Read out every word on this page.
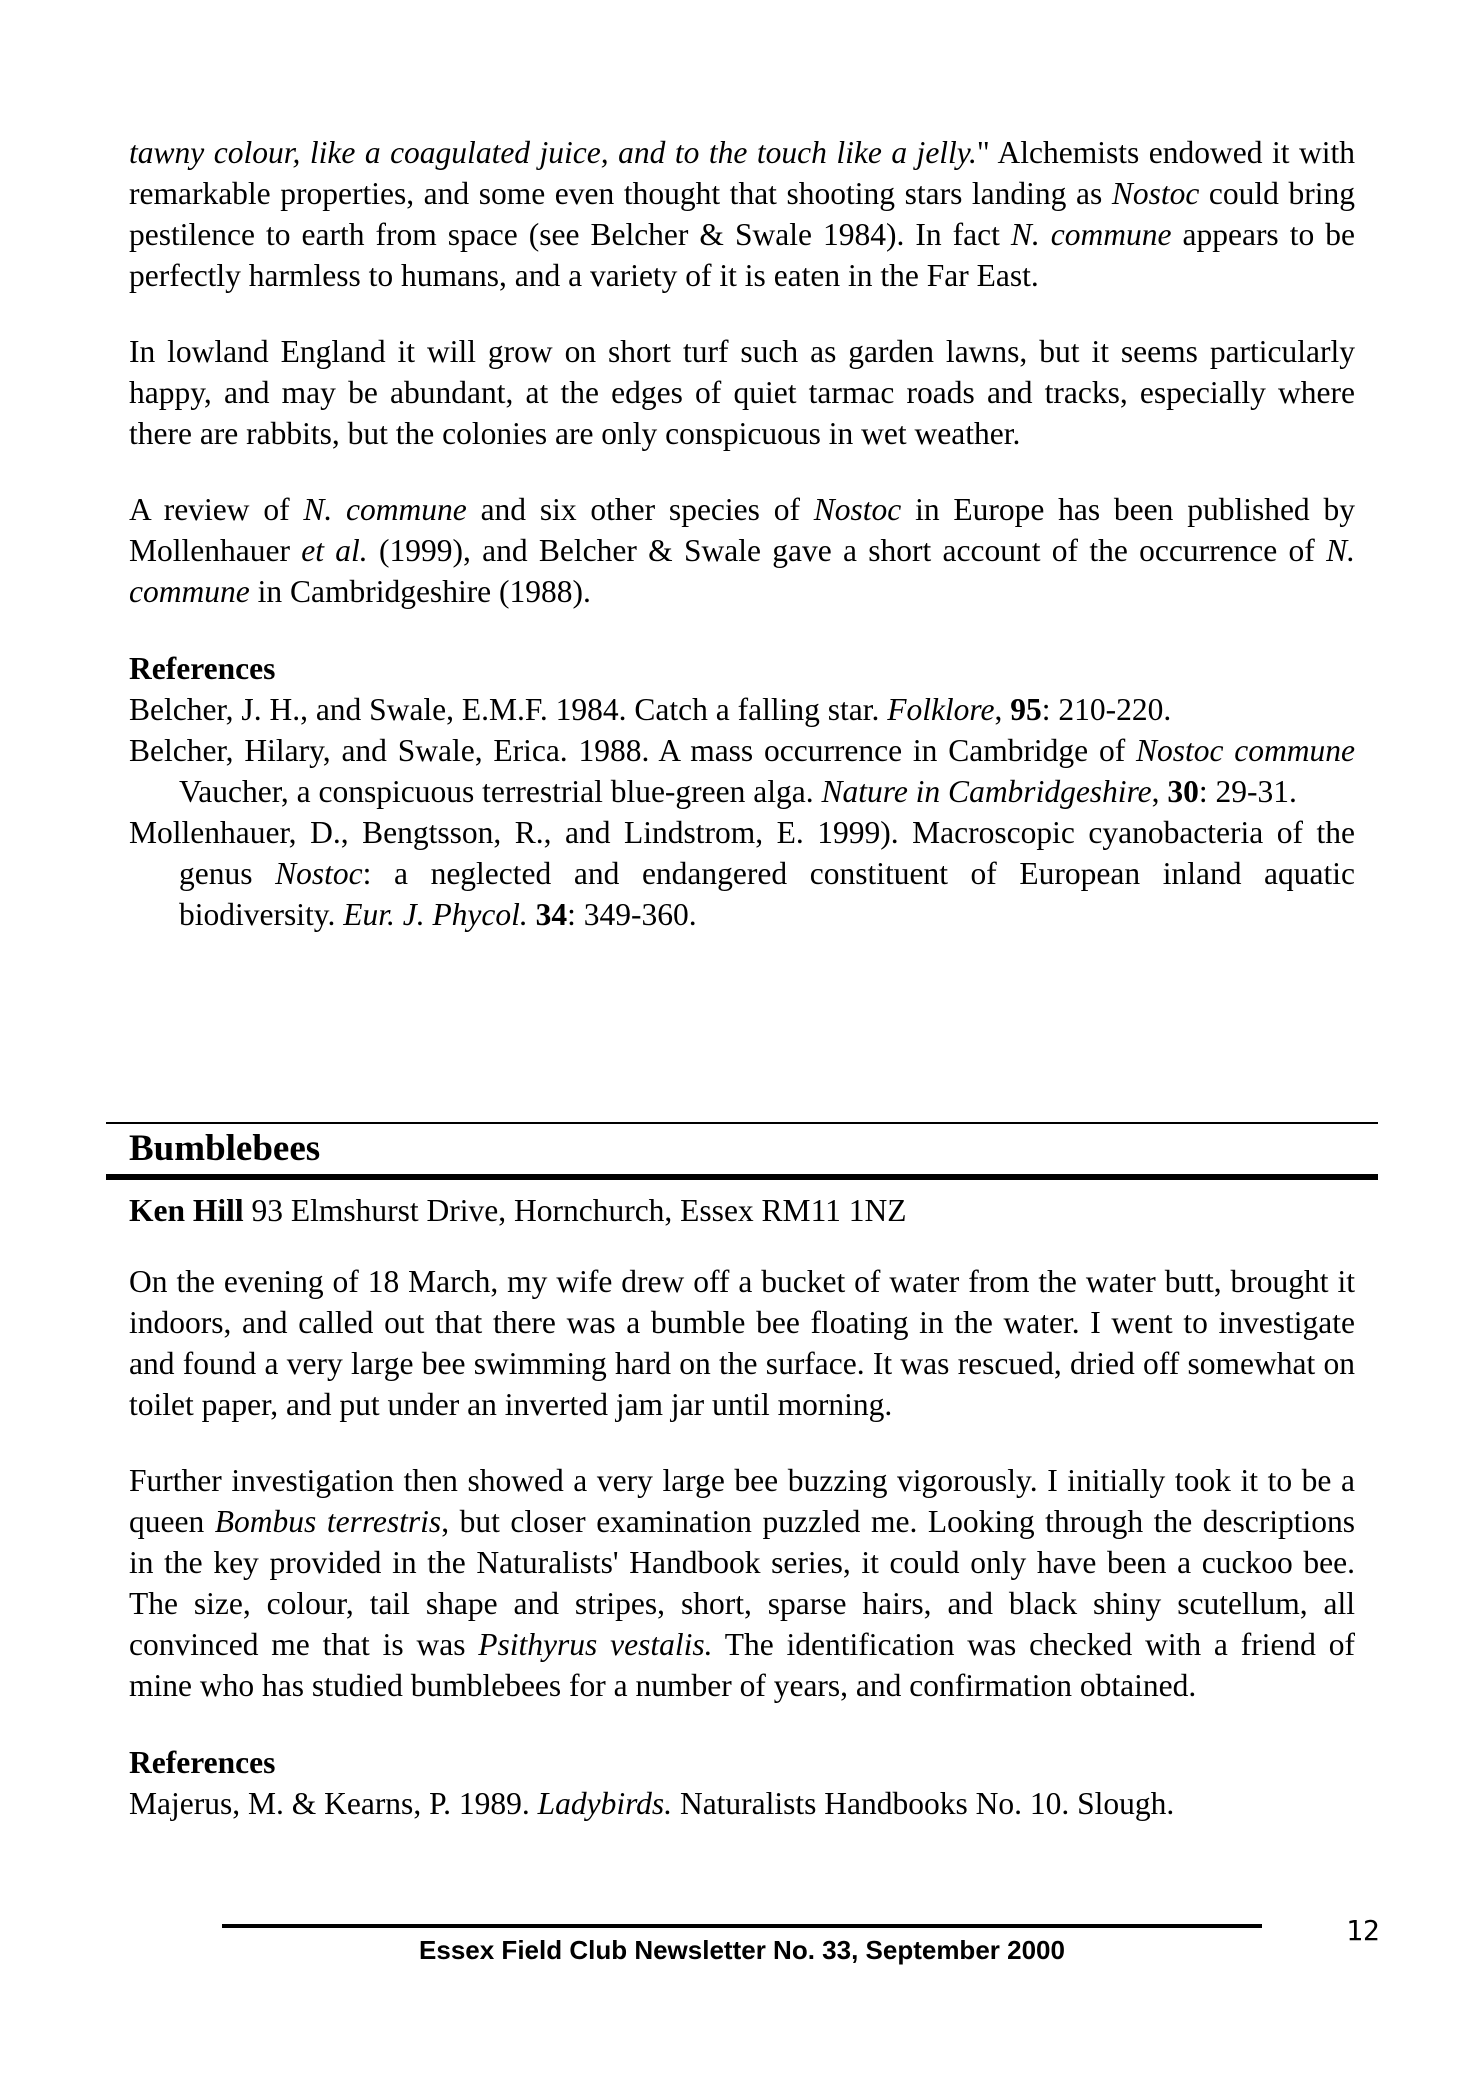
tawny colour, like a coagulated juice, and to the touch like a jelly." Alchemists endowed it with remarkable properties, and some even thought that shooting stars landing as Nostoc could bring pestilence to earth from space (see Belcher & Swale 1984). In fact N. commune appears to be perfectly harmless to humans, and a variety of it is eaten in the Far East.

In lowland England it will grow on short turf such as garden lawns, but it seems particularly happy, and may be abundant, at the edges of quiet tarmac roads and tracks, especially where there are rabbits, but the colonies are only conspicuous in wet weather.

A review of N. commune and six other species of Nostoc in Europe has been published by Mollenhauer et al. (1999), and Belcher & Swale gave a short account of the occurrence of N. commune in Cambridgeshire (1988).

References
Belcher, J. H., and Swale, E.M.F. 1984. Catch a falling star. Folklore, 95: 210-220.
Belcher, Hilary, and Swale, Erica. 1988. A mass occurrence in Cambridge of Nostoc commune Vaucher, a conspicuous terrestrial blue-green alga. Nature in Cambridgeshire, 30: 29-31.
Mollenhauer, D., Bengtsson, R., and Lindstrom, E. 1999). Macroscopic cyanobacteria of the genus Nostoc: a neglected and endangered constituent of European inland aquatic biodiversity. Eur. J. Phycol. 34: 349-360.
Bumblebees
Ken Hill 93 Elmshurst Drive, Hornchurch, Essex RM11 1NZ

On the evening of 18 March, my wife drew off a bucket of water from the water butt, brought it indoors, and called out that there was a bumble bee floating in the water. I went to investigate and found a very large bee swimming hard on the surface. It was rescued, dried off somewhat on toilet paper, and put under an inverted jam jar until morning.

Further investigation then showed a very large bee buzzing vigorously. I initially took it to be a queen Bombus terrestris, but closer examination puzzled me. Looking through the descriptions in the key provided in the Naturalists' Handbook series, it could only have been a cuckoo bee. The size, colour, tail shape and stripes, short, sparse hairs, and black shiny scutellum, all convinced me that is was Psithyrus vestalis. The identification was checked with a friend of mine who has studied bumblebees for a number of years, and confirmation obtained.

References
Majerus, M. & Kearns, P. 1989. Ladybirds. Naturalists Handbooks No. 10. Slough.
Essex Field Club Newsletter No. 33, September 2000
12
